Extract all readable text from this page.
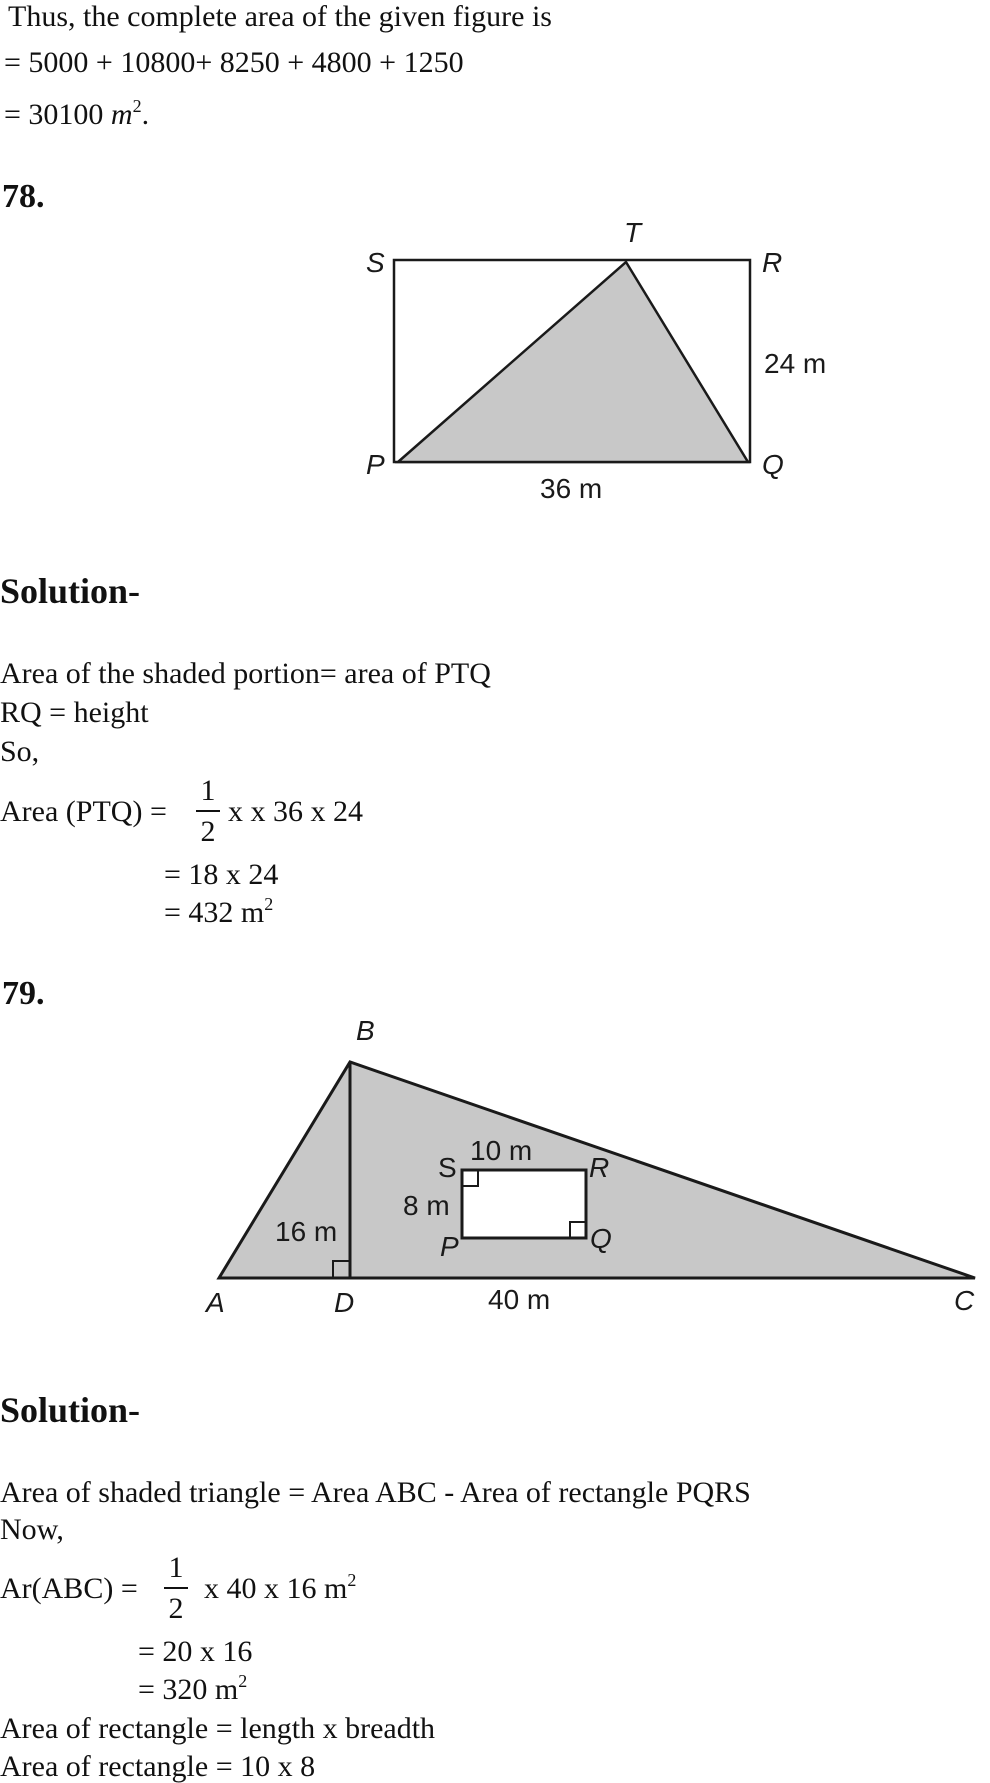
Thus, the complete area of the given figure is
= 5000 + 10800+ 8250 + 4800 + 1250
= 30100 $m^2$.
78.
S
T
R
P	Q
24 m
36 m
Solution-
Area of the shaded portion= area of PTQ
RQ = height
So,
Area (PTQ) =
1
2
x x 36 x 24
= 18 x 24
= 432 $m^2$
79.
B
A	D	C
S	R
P	Q
10 m
8 m
16 m
40 m
Solution-
Area of shaded triangle = Area ABC - Area of rectangle PQRS
Now,
Ar(ABC) =
1
2
x 40 x 16 $m^2$
= 20 x 16
= 320 $m^2$
Area of rectangle = length x breadth
Area of rectangle = 10 x 8
